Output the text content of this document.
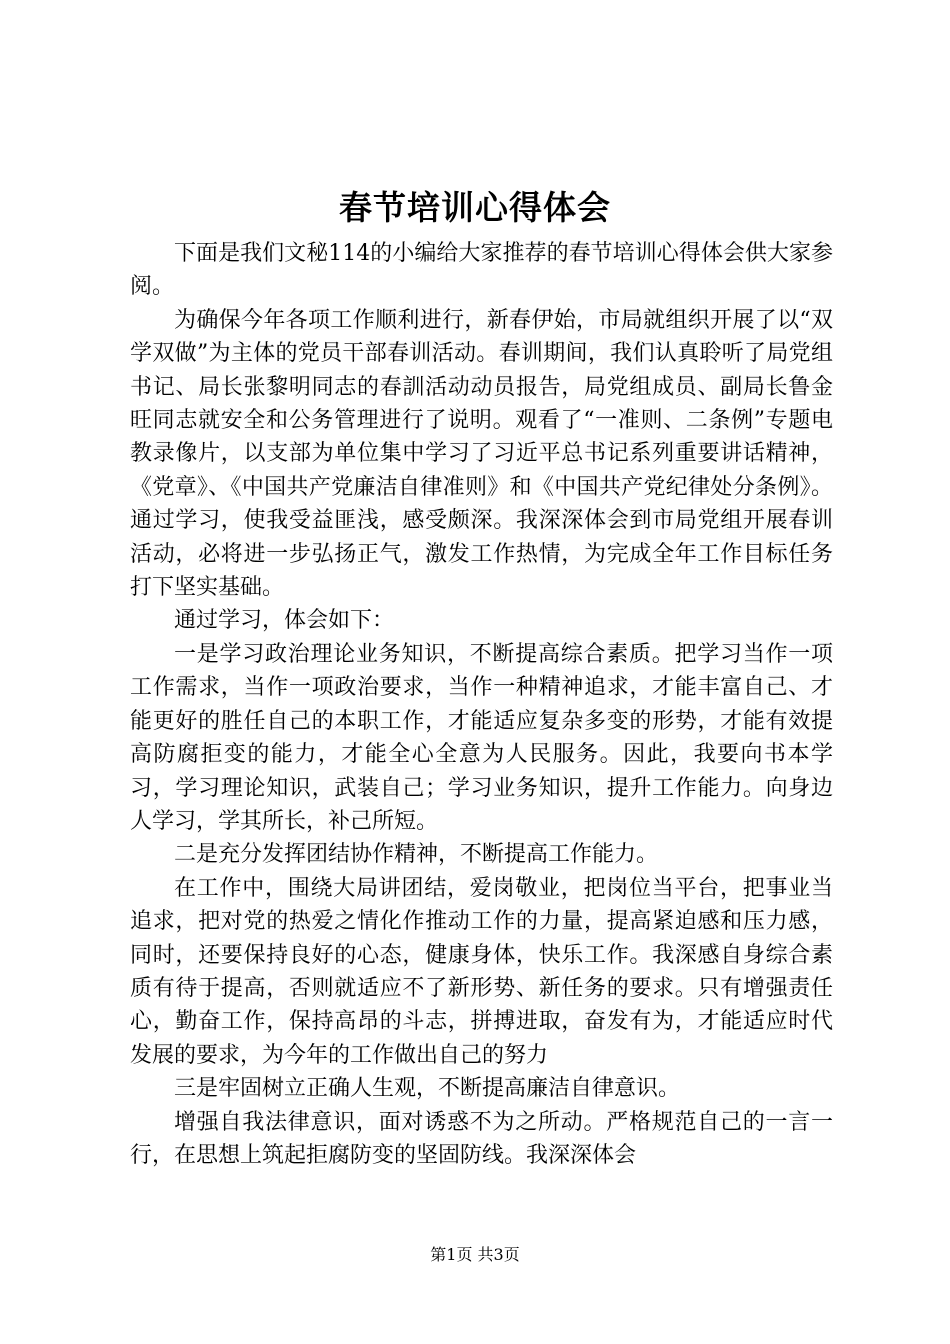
春节培训心得体会

下面是我们文秘114的小编给大家推荐的春节培训心得体会供大家参阅。

为确保今年各项工作顺利进行，新春伊始，市局就组织开展了以“双学双做”为主体的党员干部春训活动。春训期间，我们认真聆听了局党组书记、局长张黎明同志的春訓活动动员报告，局党组成员、副局长鲁金旺同志就安全和公务管理进行了说明。观看了“一准则、二条例”专题电教录像片，以支部为单位集中学习了习近平总书记系列重要讲话精神，《党章》、《中国共产党廉洁自律准则》和《中国共产党纪律处分条例》。通过学习，使我受益匪浅，感受颇深。我深深体会到市局党组开展春训活动，必将进一步弘扬正气，激发工作热情，为完成全年工作目标任务打下坚实基础。

通过学习，体会如下：

一是学习政治理论业务知识，不断提高综合素质。把学习当作一项工作需求，当作一项政治要求，当作一种精神追求，才能丰富自己、才能更好的胜任自己的本职工作，才能适应复杂多变的形势，才能有效提高防腐拒变的能力，才能全心全意为人民服务。因此，我要向书本学习，学习理论知识，武装自己；学习业务知识，提升工作能力。向身边人学习，学其所长，补己所短。

二是充分发挥团结协作精神，不断提高工作能力。

在工作中，围绕大局讲团结，爱岗敬业，把岗位当平台，把事业当追求，把对党的热爱之情化作推动工作的力量，提高紧迫感和压力感，同时，还要保持良好的心态，健康身体，快乐工作。我深感自身综合素质有待于提高，否则就适应不了新形势、新任务的要求。只有增强责任心，勤奋工作，保持高昂的斗志，拼搏进取，奋发有为，才能适应时代发展的要求，为今年的工作做出自己的努力

三是牢固树立正确人生观，不断提高廉洁自律意识。

增强自我法律意识，面对诱惑不为之所动。严格规范自己的一言一行，在思想上筑起拒腐防变的坚固防线。我深深体会

第1页 共3页
